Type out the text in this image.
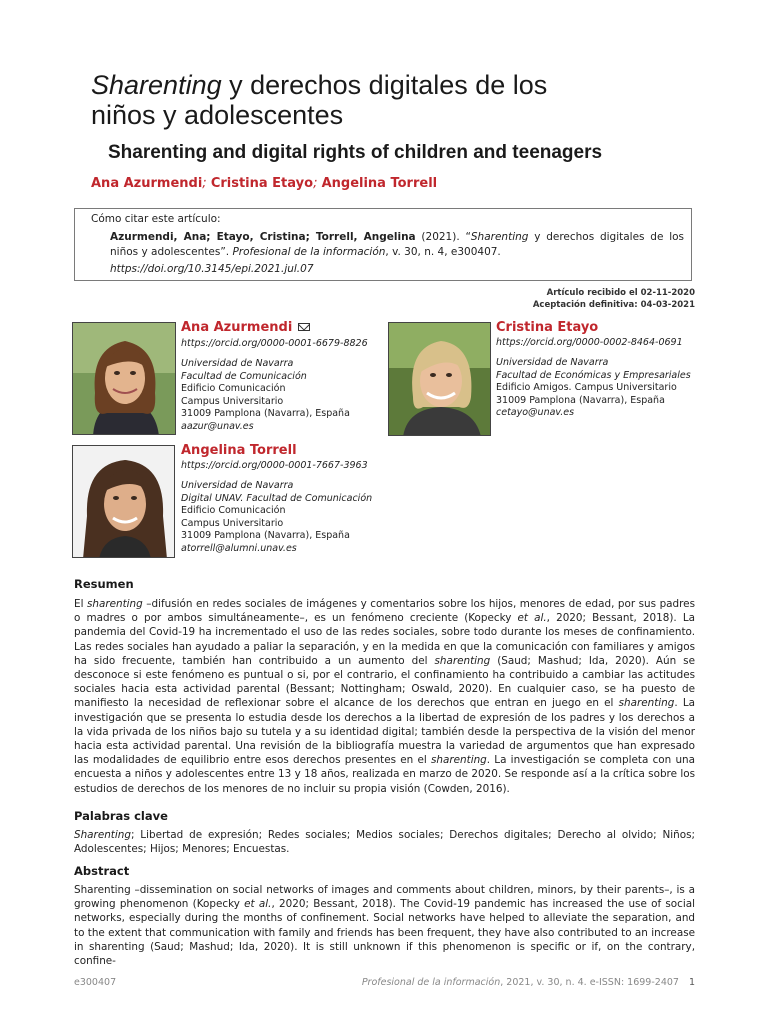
Sharenting y derechos digitales de los
niños y adolescentes
Sharenting and digital rights of children and teenagers
Ana Azurmendi; Cristina Etayo; Angelina Torrell
Cómo citar este artículo:
Azurmendi, Ana; Etayo, Cristina; Torrell, Angelina (2021). “Sharenting y derechos digitales de los niños y adolescentes”. Profesional de la información, v. 30, n. 4, e300407.
https://doi.org/10.3145/epi.2021.jul.07
Artículo recibido el 02-11-2020
Aceptación definitiva: 04-03-2021
Ana Azurmendi
https://orcid.org/0000-0001-6679-8826
Universidad de Navarra
Facultad de Comunicación
Edificio Comunicación
Campus Universitario
31009 Pamplona (Navarra), España
aazur@unav.es
Cristina Etayo
https://orcid.org/0000-0002-8464-0691
Universidad de Navarra
Facultad de Económicas y Empresariales
Edificio Amigos. Campus Universitario
31009 Pamplona (Navarra), España
cetayo@unav.es
Angelina Torrell
https://orcid.org/0000-0001-7667-3963
Universidad de Navarra
Digital UNAV. Facultad de Comunicación
Edificio Comunicación
Campus Universitario
31009 Pamplona (Navarra), España
atorrell@alumni.unav.es
Resumen
El sharenting –difusión en redes sociales de imágenes y comentarios sobre los hijos, menores de edad, por sus padres o madres o por ambos simultáneamente–, es un fenómeno creciente (Kopecky et al., 2020; Bessant, 2018). La pandemia del Covid-19 ha incrementado el uso de las redes sociales, sobre todo durante los meses de confinamiento. Las redes sociales han ayudado a paliar la separación, y en la medida en que la comunicación con familiares y amigos ha sido frecuente, también han contribuido a un aumento del sharenting (Saud; Mashud; Ida, 2020). Aún se desconoce si este fenómeno es puntual o si, por el contrario, el confinamiento ha contribuido a cambiar las actitudes sociales hacia esta actividad parental (Bessant; Nottingham; Oswald, 2020). En cualquier caso, se ha puesto de manifiesto la necesidad de reflexionar sobre el alcance de los derechos que entran en juego en el sharenting. La investigación que se presenta lo estudia desde los derechos a la libertad de expresión de los padres y los derechos a la vida privada de los niños bajo su tutela y a su identidad digital; también desde la perspectiva de la visión del menor hacia esta actividad parental. Una revisión de la bibliografía muestra la variedad de argumentos que han expresado las modalidades de equilibrio entre esos derechos presentes en el sharenting. La investigación se completa con una encuesta a niños y adolescentes entre 13 y 18 años, realizada en marzo de 2020. Se responde así a la crítica sobre los estudios de derechos de los menores de no incluir su propia visión (Cowden, 2016).
Palabras clave
Sharenting; Libertad de expresión; Redes sociales; Medios sociales; Derechos digitales; Derecho al olvido; Niños; Adolescentes; Hijos; Menores; Encuestas.
Abstract
Sharenting –dissemination on social networks of images and comments about children, minors, by their parents–, is a growing phenomenon (Kopecky et al., 2020; Bessant, 2018). The Covid-19 pandemic has increased the use of social networks, especially during the months of confinement. Social networks have helped to alleviate the separation, and to the extent that communication with family and friends has been frequent, they have also contributed to an increase in sharenting (Saud; Mashud; Ida, 2020). It is still unknown if this phenomenon is specific or if, on the contrary, confine-
e300407	Profesional de la información, 2021, v. 30, n. 4. e-ISSN: 1699-2407 1
